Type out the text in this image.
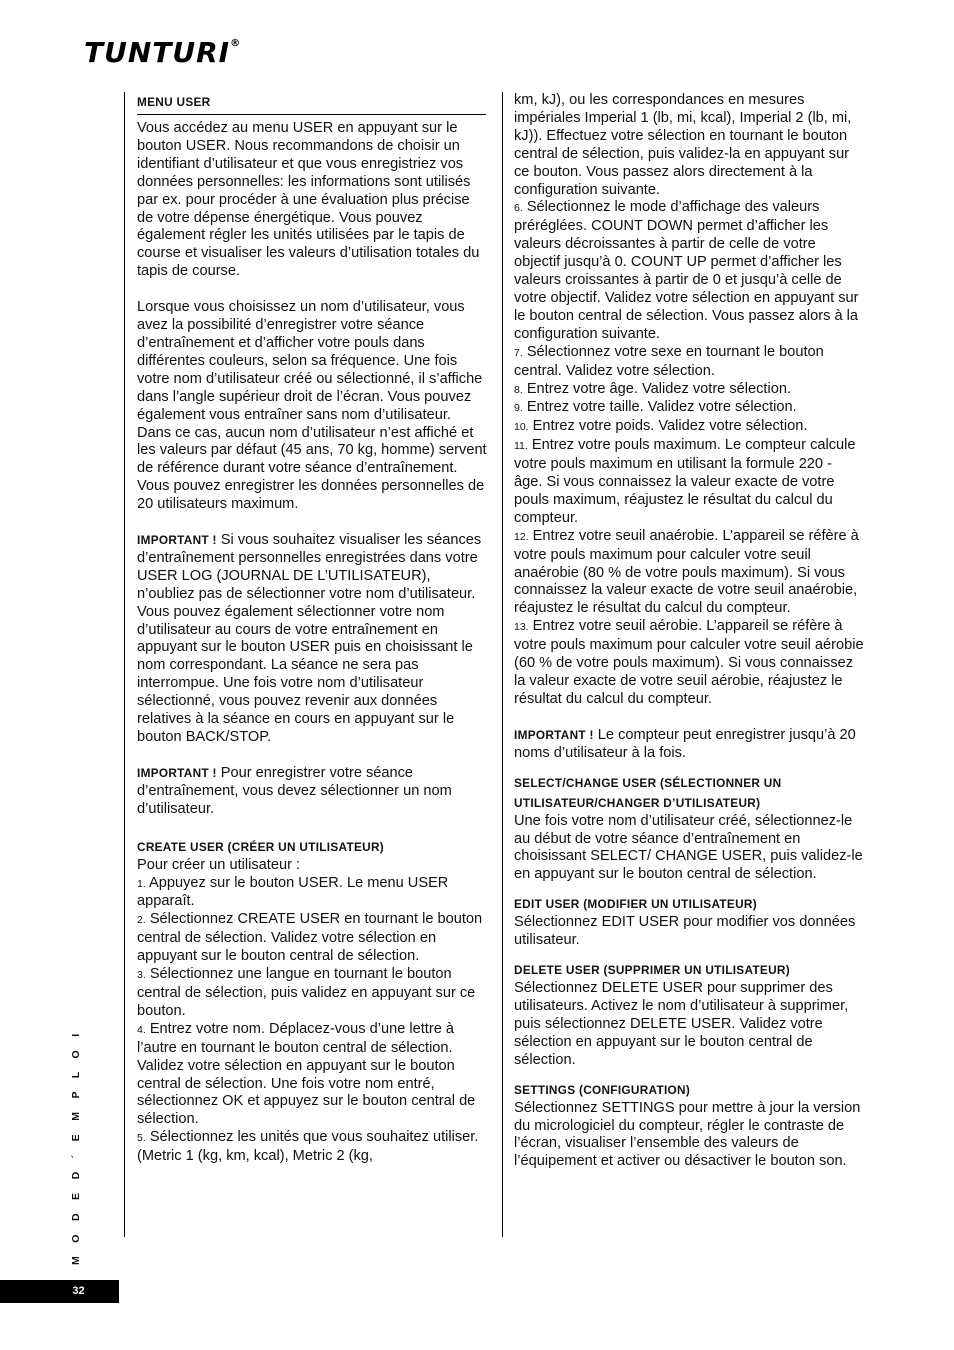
TUNTURI®
MENU USER

Vous accédez au menu USER en appuyant sur le bouton USER. Nous recommandons de choisir un identifiant d’utilisateur et que vous enregistriez vos données personnelles: les informations sont utilisés par ex. pour procéder à une évaluation plus précise de votre dépense énergétique. Vous pouvez également régler les unités utilisées par le tapis de course et visualiser les valeurs d’utilisation totales du tapis de course.

Lorsque vous choisissez un nom d’utilisateur, vous avez la possibilité d’enregistrer votre séance d’entraînement et d’afficher votre pouls dans différentes couleurs, selon sa fréquence. Une fois votre nom d’utilisateur créé ou sélectionné, il s’affiche dans l’angle supérieur droit de l’écran. Vous pouvez également vous entraîner sans nom d’utilisateur. Dans ce cas, aucun nom d’utilisateur n’est affiché et les valeurs par défaut (45 ans, 70 kg, homme) servent de référence durant votre séance d’entraînement. Vous pouvez enregistrer les données personnelles de 20 utilisateurs maximum.

IMPORTANT ! Si vous souhaitez visualiser les séances d’entraînement personnelles enregistrées dans votre USER LOG (JOURNAL DE L’UTILISATEUR), n’oubliez pas de sélectionner votre nom d’utilisateur. Vous pouvez également sélectionner votre nom d’utilisateur au cours de votre entraînement en appuyant sur le bouton USER puis en choisissant le nom correspondant. La séance ne sera pas interrompue. Une fois votre nom d’utilisateur sélectionné, vous pouvez revenir aux données relatives à la séance en cours en appuyant sur le bouton BACK/STOP.

IMPORTANT ! Pour enregistrer votre séance d’entraînement, vous devez sélectionner un nom d’utilisateur.

CREATE USER (CRÉER UN UTILISATEUR)

Pour créer un utilisateur :

1. Appuyez sur le bouton USER. Le menu USER apparaît.

2. Sélectionnez CREATE USER en tournant le bouton central de sélection. Validez votre sélection en appuyant sur le bouton central de sélection.

3. Sélectionnez une langue en tournant le bouton central de sélection, puis validez en appuyant sur ce bouton.

4. Entrez votre nom. Déplacez-vous d’une lettre à l’autre en tournant le bouton central de sélection. Validez votre sélection en appuyant sur le bouton central de sélection. Une fois votre nom entré, sélectionnez OK et appuyez sur le bouton central de sélection.

5. Sélectionnez les unités que vous souhaitez utiliser. (Metric 1 (kg, km, kcal), Metric 2 (kg,

km, kJ), ou les correspondances en mesures impériales Imperial 1 (lb, mi, kcal), Imperial 2 (lb, mi, kJ)). Effectuez votre sélection en tournant le bouton central de sélection, puis validez-la en appuyant sur ce bouton. Vous passez alors directement à la configuration suivante.

6. Sélectionnez le mode d’affichage des valeurs préréglées. COUNT DOWN permet d’afficher les valeurs décroissantes à partir de celle de votre objectif jusqu’à 0. COUNT UP permet d’afficher les valeurs croissantes à partir de 0 et jusqu’à celle de votre objectif. Validez votre sélection en appuyant sur le bouton central de sélection. Vous passez alors à la configuration suivante.

7. Sélectionnez votre sexe en tournant le bouton central. Validez votre sélection.

8. Entrez votre âge. Validez votre sélection.

9. Entrez votre taille. Validez votre sélection.

10. Entrez votre poids. Validez votre sélection.

11. Entrez votre pouls maximum. Le compteur calcule votre pouls maximum en utilisant la formule 220 - âge. Si vous connaissez la valeur exacte de votre pouls maximum, réajustez le résultat du calcul du compteur.

12. Entrez votre seuil anaérobie. L’appareil se réfère à votre pouls maximum pour calculer votre seuil anaérobie (80 % de votre pouls maximum). Si vous connaissez la valeur exacte de votre seuil anaérobie, réajustez le résultat du calcul du compteur.

13. Entrez votre seuil aérobie. L’appareil se réfère à votre pouls maximum pour calculer votre seuil aérobie (60 % de votre pouls maximum). Si vous connaissez la valeur exacte de votre seuil aérobie, réajustez le résultat du calcul du compteur.

IMPORTANT ! Le compteur peut enregistrer jusqu’à 20 noms d’utilisateur à la fois.

SELECT/CHANGE USER (SÉLECTIONNER UN
UTILISATEUR/CHANGER D’UTILISATEUR)

Une fois votre nom d’utilisateur créé, sélectionnez-le au début de votre séance d’entraînement en choisissant SELECT/ CHANGE USER, puis validez-le en appuyant sur le bouton central de sélection.

EDIT USER (MODIFIER UN UTILISATEUR)

Sélectionnez EDIT USER pour modifier vos données utilisateur.

DELETE USER (SUPPRIMER UN UTILISATEUR)

Sélectionnez DELETE USER pour supprimer des utilisateurs. Activez le nom d’utilisateur à supprimer, puis sélectionnez DELETE USER. Validez votre sélection en appuyant sur le bouton central de sélection.

SETTINGS (CONFIGURATION)

Sélectionnez SETTINGS pour mettre à jour la version du micrologiciel du compteur, régler le contraste de l’écran, visualiser l’ensemble des valeurs de l’équipement et activer ou désactiver le bouton son.

M O D E D ´ E M P L O I
32
